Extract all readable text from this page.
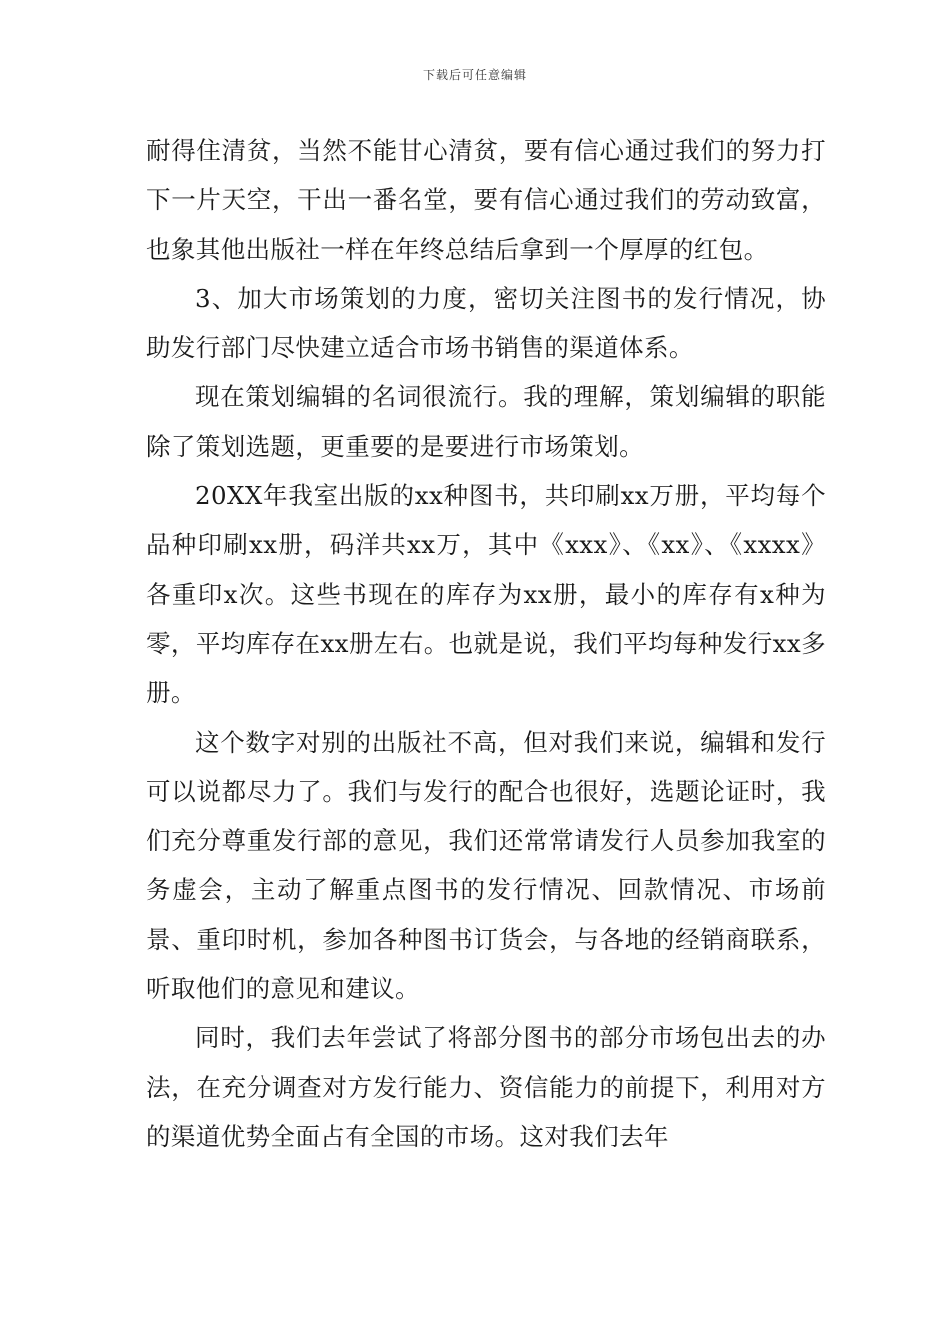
下载后可任意编辑

耐得住清贫，当然不能甘心清贫，要有信心通过我们的努力打下一片天空，干出一番名堂，要有信心通过我们的劳动致富，也象其他出版社一样在年终总结后拿到一个厚厚的红包。

3、加大市场策划的力度，密切关注图书的发行情况，协助发行部门尽快建立适合市场书销售的渠道体系。

现在策划编辑的名词很流行。我的理解，策划编辑的职能除了策划选题，更重要的是要进行市场策划。

20XX年我室出版的xx种图书，共印刷xx万册，平均每个品种印刷xx册，码洋共xx万，其中《xxx》、《xx》、《xxxx》各重印x次。这些书现在的库存为xx册，最小的库存有x种为零，平均库存在xx册左右。也就是说，我们平均每种发行xx多册。

这个数字对别的出版社不高，但对我们来说，编辑和发行可以说都尽力了。我们与发行的配合也很好，选题论证时，我们充分尊重发行部的意见，我们还常常请发行人员参加我室的务虚会，主动了解重点图书的发行情况、回款情况、市场前景、重印时机，参加各种图书订货会，与各地的经销商联系，听取他们的意见和建议。

同时，我们去年尝试了将部分图书的部分市场包出去的办法，在充分调查对方发行能力、资信能力的前提下，利用对方的渠道优势全面占有全国的市场。这对我们去年
